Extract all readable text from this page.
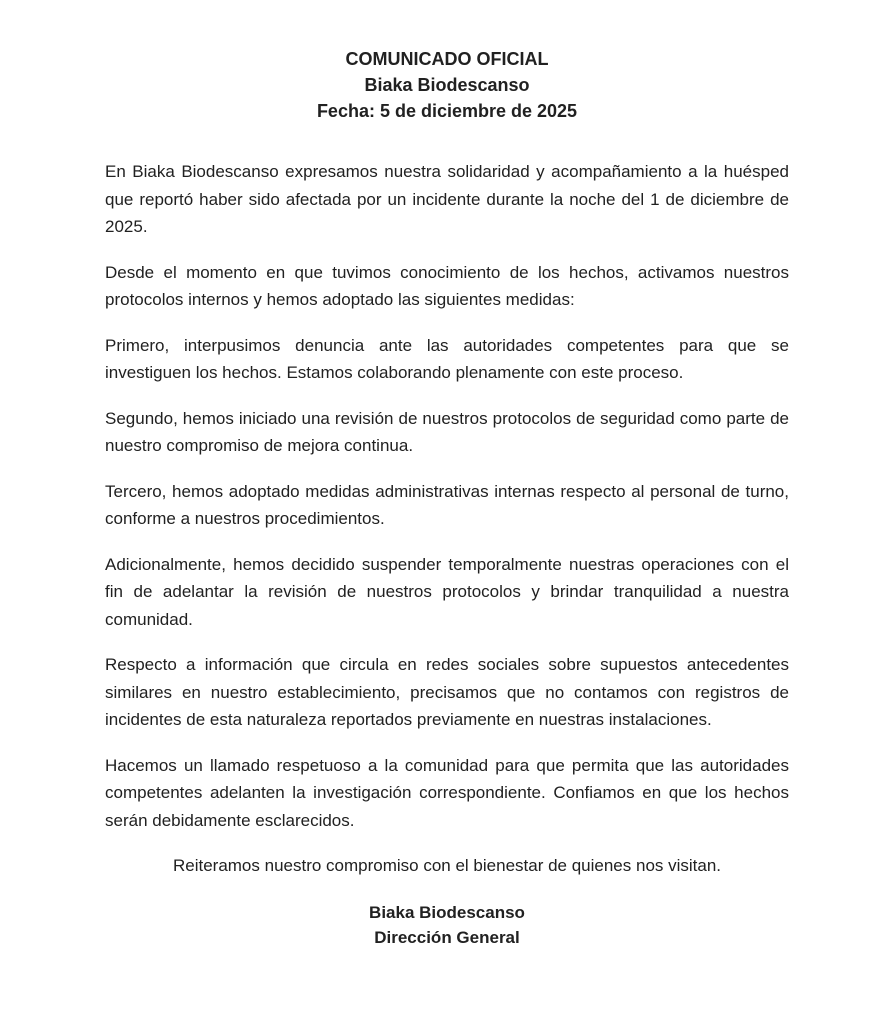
COMUNICADO OFICIAL
Biaka Biodescanso
Fecha: 5 de diciembre de 2025

En Biaka Biodescanso expresamos nuestra solidaridad y acompañamiento a la huésped que reportó haber sido afectada por un incidente durante la noche del 1 de diciembre de 2025.

Desde el momento en que tuvimos conocimiento de los hechos, activamos nuestros protocolos internos y hemos adoptado las siguientes medidas:

Primero, interpusimos denuncia ante las autoridades competentes para que se investiguen los hechos. Estamos colaborando plenamente con este proceso.

Segundo, hemos iniciado una revisión de nuestros protocolos de seguridad como parte de nuestro compromiso de mejora continua.

Tercero, hemos adoptado medidas administrativas internas respecto al personal de turno, conforme a nuestros procedimientos.

Adicionalmente, hemos decidido suspender temporalmente nuestras operaciones con el fin de adelantar la revisión de nuestros protocolos y brindar tranquilidad a nuestra comunidad.

Respecto a información que circula en redes sociales sobre supuestos antecedentes similares en nuestro establecimiento, precisamos que no contamos con registros de incidentes de esta naturaleza reportados previamente en nuestras instalaciones.

Hacemos un llamado respetuoso a la comunidad para que permita que las autoridades competentes adelanten la investigación correspondiente. Confiamos en que los hechos serán debidamente esclarecidos.

Reiteramos nuestro compromiso con el bienestar de quienes nos visitan.

Biaka Biodescanso
Dirección General
